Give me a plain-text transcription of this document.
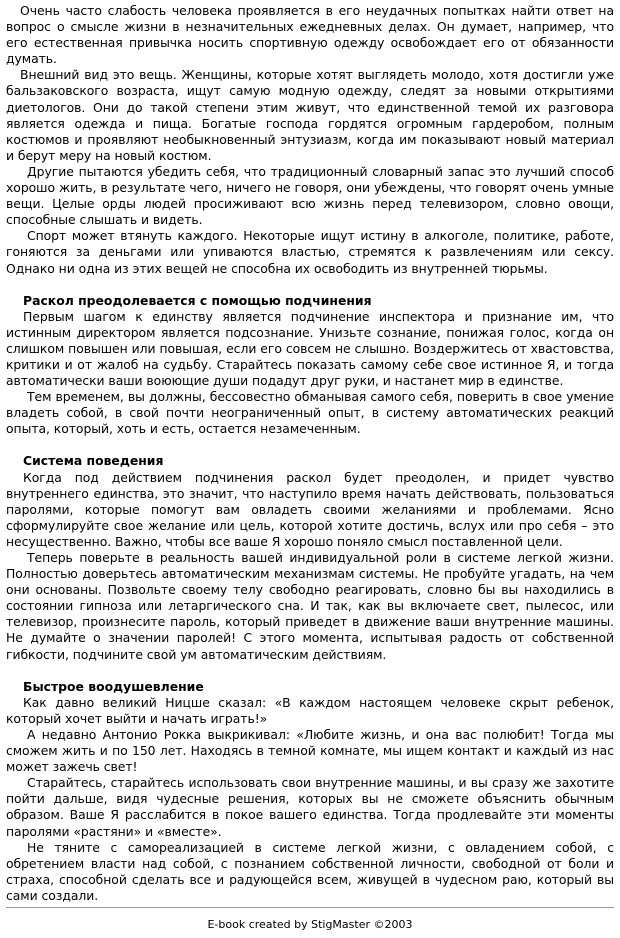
Очень часто слабость человека проявляется в его неудачных попытках найти ответ на вопрос о смысле жизни в незначительных ежедневных делах. Он думает, например, что его естественная привычка носить спортивную одежду освобождает его от обязанности думать.

Внешний вид это вещь. Женщины, которые хотят выглядеть молодо, хотя достигли уже бальзаковского возраста, ищут самую модную одежду, следят за новыми открытиями диетологов. Они до такой степени этим живут, что единственной темой их разговора является одежда и пища. Богатые господа гордятся огромным гардеробом, полным костюмов и проявляют необыкновенный энтузиазм, когда им показывают новый материал и берут меру на новый костюм.

Другие пытаются убедить себя, что традиционный словарный запас это лучший способ хорошо жить, в результате чего, ничего не говоря, они убеждены, что говорят очень умные вещи. Целые орды людей просиживают всю жизнь перед телевизором, словно овощи, способные слышать и видеть.

Спорт может втянуть каждого. Некоторые ищут истину в алкоголе, политике, работе, гоняются за деньгами или упиваются властью, стремятся к развлечениям или сексу. Однако ни одна из этих вещей не способна их освободить из внутренней тюрьмы.

Раскол преодолевается с помощью подчинения

Первым шагом к единству является подчинение инспектора и признание им, что истинным директором является подсознание. Унизьте сознание, понижая голос, когда он слишком повышен или повышая, если его совсем не слышно. Воздержитесь от хвастовства, критики и от жалоб на судьбу. Старайтесь показать самому себе свое истинное Я, и тогда автоматически ваши воюющие души подадут друг руки, и настанет мир в единстве.

Тем временем, вы должны, бессовестно обманывая самого себя, поверить в свое умение владеть собой, в свой почти неограниченный опыт, в систему автоматических реакций опыта, который, хоть и есть, остается незамеченным.

Система поведения

Когда под действием подчинения раскол будет преодолен, и придет чувство внутреннего единства, это значит, что наступило время начать действовать, пользоваться паролями, которые помогут вам овладеть своими желаниями и проблемами. Ясно сформулируйте свое желание или цель, которой хотите достичь, вслух или про себя – это несущественно. Важно, чтобы все ваше Я хорошо поняло смысл поставленной цели.

Теперь поверьте в реальность вашей индивидуальной роли в системе легкой жизни. Полностью доверьтесь автоматическим механизмам системы. Не пробуйте угадать, на чем они основаны. Позвольте своему телу свободно реагировать, словно бы вы находились в состоянии гипноза или летаргического сна. И так, как вы включаете свет, пылесос, или телевизор, произнесите пароль, который приведет в движение ваши внутренние машины. Не думайте о значении паролей! С этого момента, испытывая радость от собственной гибкости, подчините свой ум автоматическим действиям.

Быстрое воодушевление

Как давно великий Ницше сказал: «В каждом настоящем человеке скрыт ребенок, который хочет выйти и начать играть!»

А недавно Антонио Рокка выкрикивал: «Любите жизнь, и она вас полюбит! Тогда мы сможем жить и по 150 лет. Находясь в темной комнате, мы ищем контакт и каждый из нас может зажечь свет!

Старайтесь, старайтесь использовать свои внутренние машины, и вы сразу же захотите пойти дальше, видя чудесные решения, которых вы не сможете объяснить обычным образом. Ваше Я расслабится в покое вашего единства. Тогда продлевайте эти моменты паролями «растяни» и «вместе».

Не тяните с самореализацией в системе легкой жизни, с овладением собой, с обретением власти над собой, с познанием собственной личности, свободной от боли и страха, способной сделать все и радующейся всем, живущей в чудесном раю, который вы сами создали.

E-book created by StigMaster ©2003
